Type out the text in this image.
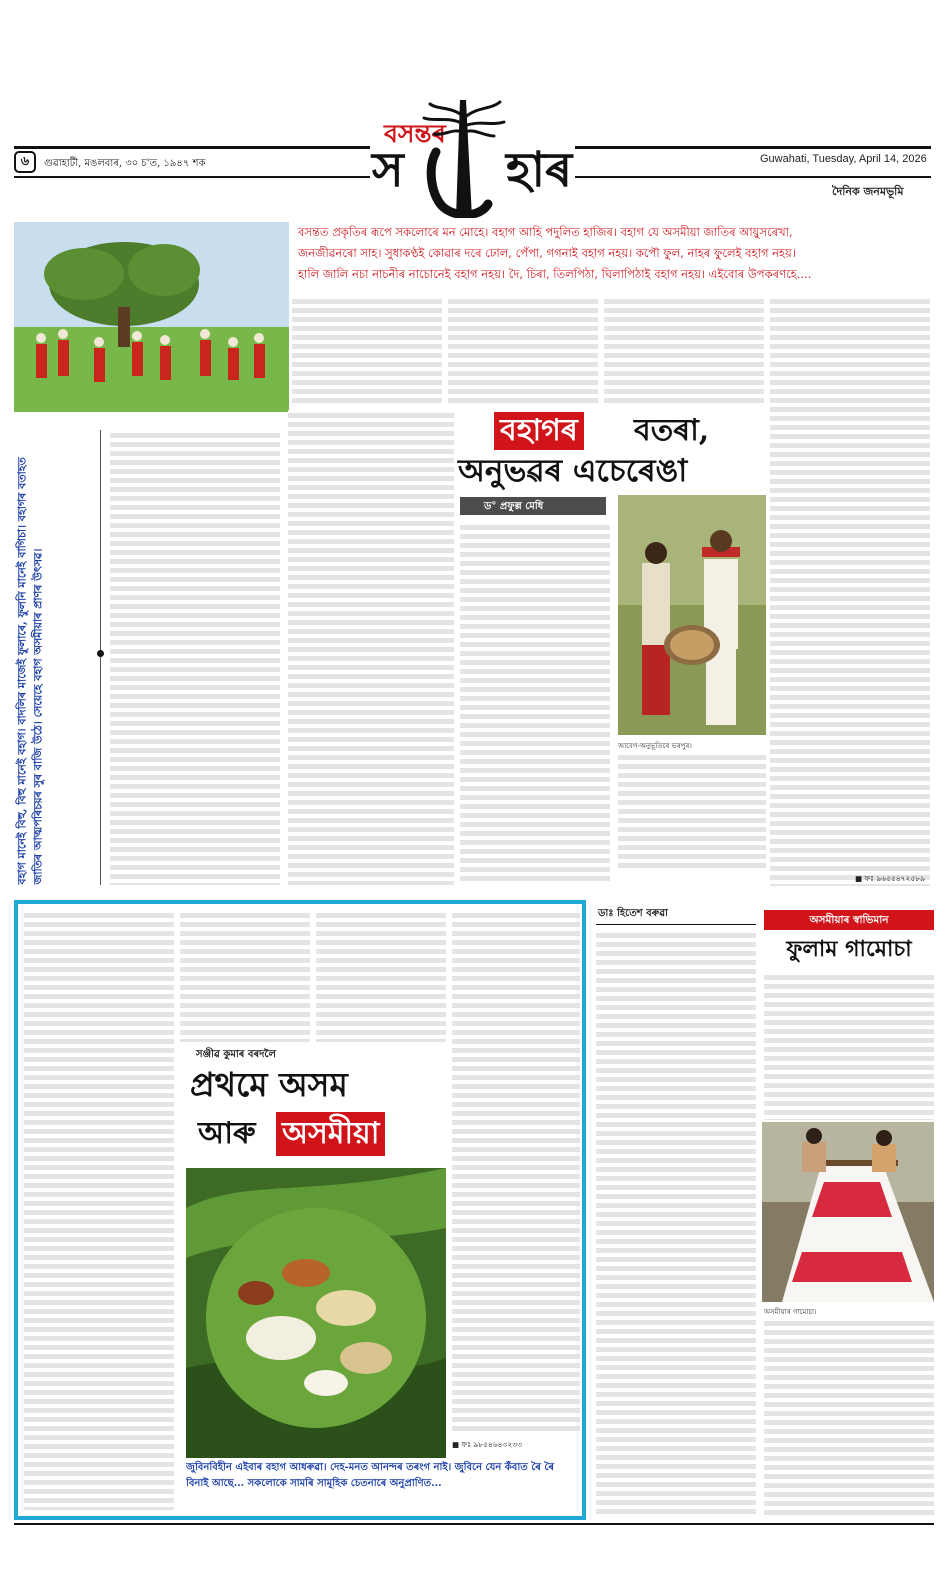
৬	গুৱাহাটী, মঙলবাৰ, ৩০ চ'ত, ১৯৪৭ শক
বসন্তৰ
স হাৰ	Guwahati, Tuesday, April 14, 2026
দৈনিক জনমভূমি
বসন্তত প্ৰকৃতিৰ ৰূপে সকলোৰে মন মোহে। বহাগ আহি পদুলিত হাজিৰ। বহাগ যে অসমীয়া জাতিৰ আয়ুসৰেখা,
জনজীৱনৰো সাহ। সুধাকণ্ঠই কোৱাৰ দৰে ঢোল, পেঁপা, গগনাই বহাগ নহয়। কপৌ ফুল, নাহৰ ফুলেই বহাগ নহয়।
হালি জালি নচা নাচনীৰ নাচোনেই বহাগ নহয়। দৈ, চিৰা, তিলপিঠা, ঘিলাপিঠাই বহাগ নহয়। এইবোৰ উপকৰণহে....
বহাগ মানেই বিহু, বিহু মানেই বহাগ। বাদলিৰ মাজেই ফুলাৰে, ফুলনি মানেই বাগিচা। বহাগৰ বতাহত জাতিৰ আত্মপৰিচয়ৰ সুৰ বাজি উঠে। সেয়েহে বহাগ অসমীয়াৰ প্ৰাণৰ উৎসৱ।
বহাগৰ বতৰা,
অনুভৱৰ এচেৰেঙা
ড° প্ৰফুল্ল মেধি
আবেগ-অনুভূতিৰে ভৰপুৰ।
■ ফঃ ৯৬৫৫৪৭২৫৮৯
সঞ্জীৱ কুমাৰ বৰদলৈ
প্ৰথমে অসম
আৰু অসমীয়া
■ ফঃ ৯৮৫৪৬৪৩২৩৩
জুবিনবিহীন এইবাৰ বহাগ আধৰুৱা। দেহ-মনত আনন্দৰ তৰংগ নাই। জুবিনে যেন কঁবাত ৰৈ ৰৈ বিনাই আছে... সকলোকে সামৰি সামূহিক চেতনাৰে অনুপ্ৰাণিত...
ডাঃ হিতেশ বৰুৱা
অসমীয়াৰ স্বাভিমান
ফুলাম গামোচা
অসমীয়াৰ গামোচা।
